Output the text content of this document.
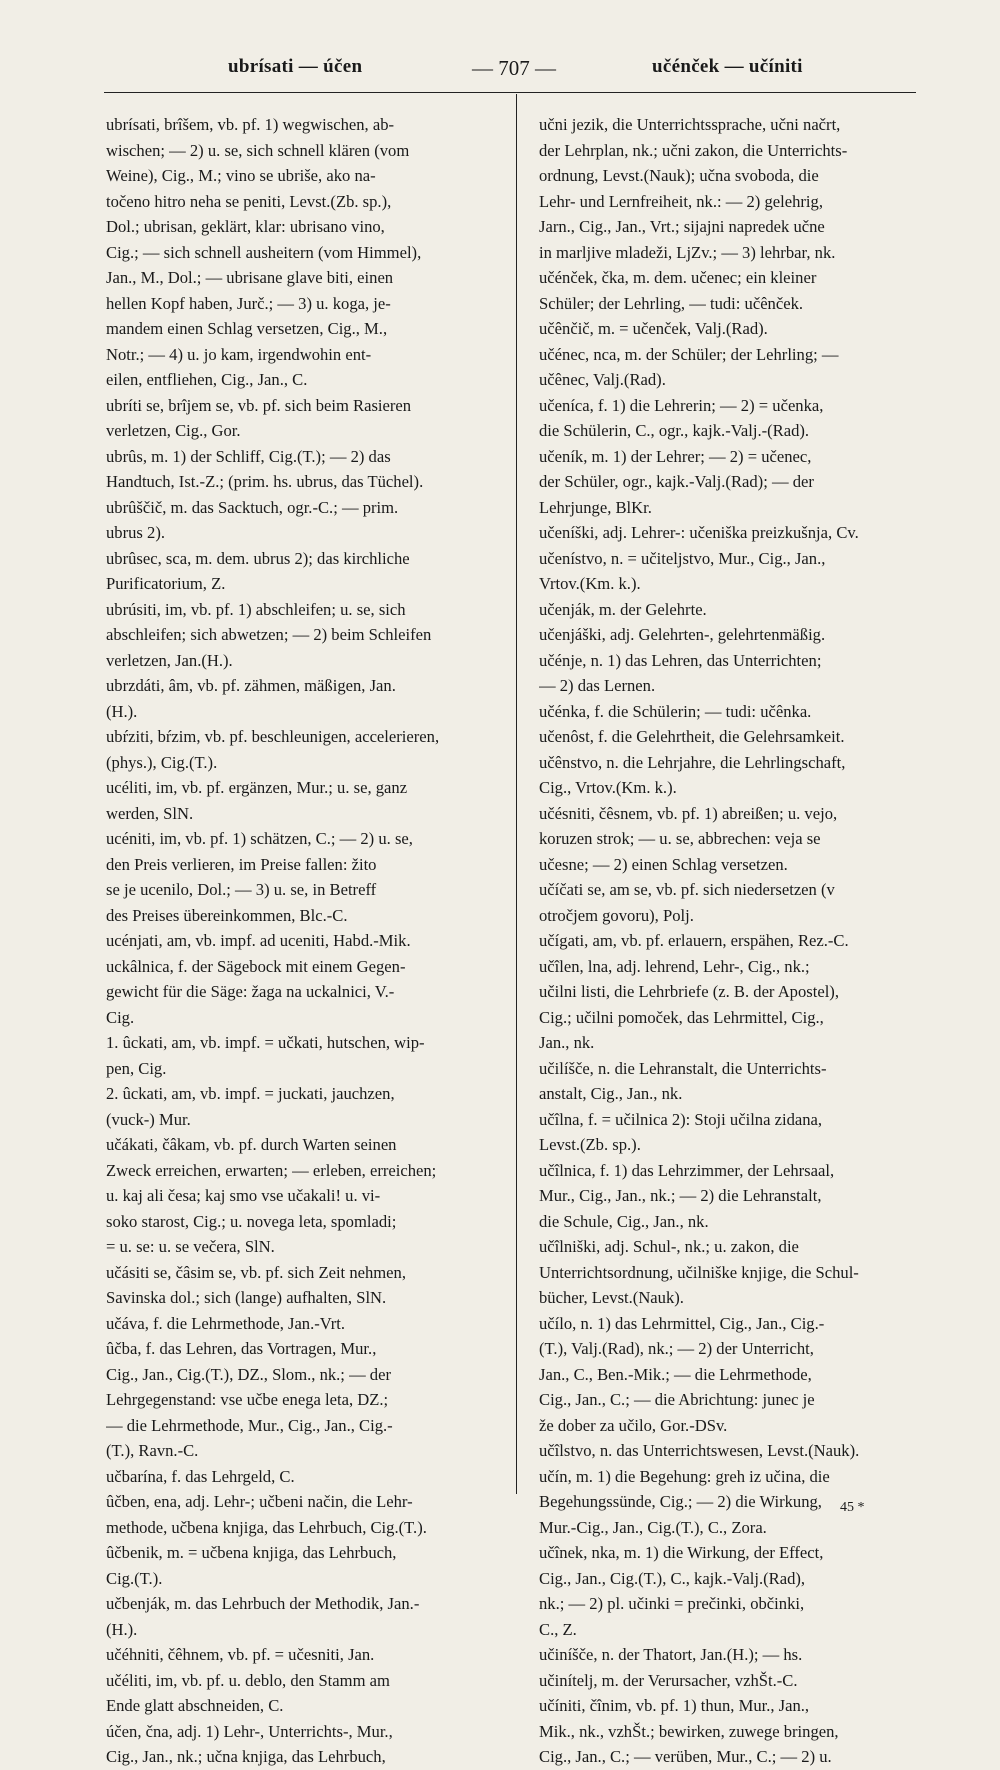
ubrísati — účen	— 707 —	učénček — učíniti
ubrísati, brîšem, vb. pf. 1) wegwischen, ab-
wischen; — 2) u. se, sich schnell klären (vom
Weine), Cig., M.; vino se ubriše, ako na-
točeno hitro neha se peniti, Levst.(Zb. sp.),
Dol.; ubrisan, geklärt, klar: ubrisano vino,
Cig.; — sich schnell ausheitern (vom Himmel),
Jan., M., Dol.; — ubrisane glave biti, einen
hellen Kopf haben, Jurč.; — 3) u. koga, je-
mandem einen Schlag versetzen, Cig., M.,
Notr.; — 4) u. jo kam, irgendwohin ent-
eilen, entfliehen, Cig., Jan., C.
ubríti se, brîjem se, vb. pf. sich beim Rasieren
verletzen, Cig., Gor.
ubrûs, m. 1) der Schliff, Cig.(T.); — 2) das
Handtuch, Ist.-Z.; (prim. hs. ubrus, das Tüchel).
ubrûščič, m. das Sacktuch, ogr.-C.; — prim.
ubrus 2).
ubrûsec, sca, m. dem. ubrus 2); das kirchliche
Purificatorium, Z.
ubrúsiti, im, vb. pf. 1) abschleifen; u. se, sich
abschleifen; sich abwetzen; — 2) beim Schleifen
verletzen, Jan.(H.).
ubrzdáti, âm, vb. pf. zähmen, mäßigen, Jan.
(H.).
ubŕziti, bŕzim, vb. pf. beschleunigen, accelerieren,
(phys.), Cig.(T.).
ucéliti, im, vb. pf. ergänzen, Mur.; u. se, ganz
werden, SlN.
ucéniti, im, vb. pf. 1) schätzen, C.; — 2) u. se,
den Preis verlieren, im Preise fallen: žito
se je ucenilo, Dol.; — 3) u. se, in Betreff
des Preises übereinkommen, Blc.-C.
ucénjati, am, vb. impf. ad uceniti, Habd.-Mik.
uckâlnica, f. der Sägebock mit einem Gegen-
gewicht für die Säge: žaga na uckalnici, V.-
Cig.
1. ûckati, am, vb. impf. = učkati, hutschen, wip-
pen, Cig.
2. ûckati, am, vb. impf. = juckati, jauchzen,
(vuck-) Mur.
učákati, čâkam, vb. pf. durch Warten seinen
Zweck erreichen, erwarten; — erleben, erreichen;
u. kaj ali česa; kaj smo vse učakali! u. vi-
soko starost, Cig.; u. novega leta, spomladi;
= u. se: u. se večera, SlN.
učásiti se, čâsim se, vb. pf. sich Zeit nehmen,
Savinska dol.; sich (lange) aufhalten, SlN.
učáva, f. die Lehrmethode, Jan.-Vrt.
ûčba, f. das Lehren, das Vortragen, Mur.,
Cig., Jan., Cig.(T.), DZ., Slom., nk.; — der
Lehrgegenstand: vse učbe enega leta, DZ.;
— die Lehrmethode, Mur., Cig., Jan., Cig.-
(T.), Ravn.-C.
učbarína, f. das Lehrgeld, C.
ûčben, ena, adj. Lehr-; učbeni način, die Lehr-
methode, učbena knjiga, das Lehrbuch, Cig.(T.).
ûčbenik, m. = učbena knjiga, das Lehrbuch,
Cig.(T.).
učbenják, m. das Lehrbuch der Methodik, Jan.-
(H.).
učéhniti, čêhnem, vb. pf. = učesniti, Jan.
učéliti, im, vb. pf. u. deblo, den Stamm am
Ende glatt abschneiden, C.
účen, čna, adj. 1) Lehr-, Unterrichts-, Mur.,
Cig., Jan., nk.; učna knjiga, das Lehrbuch,
učni jezik, die Unterrichtssprache, učni načrt,
der Lehrplan, nk.; učni zakon, die Unterrichts-
ordnung, Levst.(Nauk); učna svoboda, die
Lehr- und Lernfreiheit, nk.: — 2) gelehrig,
Jarn., Cig., Jan., Vrt.; sijajni napredek učne
in marljive mladeži, LjZv.; — 3) lehrbar, nk.
učénček, čka, m. dem. učenec; ein kleiner
Schüler; der Lehrling, — tudi: učênček.
učênčič, m. = učenček, Valj.(Rad).
učénec, nca, m. der Schüler; der Lehrling; —
učênec, Valj.(Rad).
učeníca, f. 1) die Lehrerin; — 2) = učenka,
die Schülerin, C., ogr., kajk.-Valj.-(Rad).
učeník, m. 1) der Lehrer; — 2) = učenec,
der Schüler, ogr., kajk.-Valj.(Rad); — der
Lehrjunge, BlKr.
učeníški, adj. Lehrer-: učeniška preizkušnja, Cv.
učenístvo, n. = učiteljstvo, Mur., Cig., Jan.,
Vrtov.(Km. k.).
učenják, m. der Gelehrte.
učenjáški, adj. Gelehrten-, gelehrtenmäßig.
učénje, n. 1) das Lehren, das Unterrichten;
— 2) das Lernen.
učénka, f. die Schülerin; — tudi: učênka.
učenôst, f. die Gelehrtheit, die Gelehrsamkeit.
učênstvo, n. die Lehrjahre, die Lehrlingschaft,
Cig., Vrtov.(Km. k.).
učésniti, čêsnem, vb. pf. 1) abreißen; u. vejo,
koruzen strok; — u. se, abbrechen: veja se
učesne; — 2) einen Schlag versetzen.
učíčati se, am se, vb. pf. sich niedersetzen (v
otročjem govoru), Polj.
učígati, am, vb. pf. erlauern, erspähen, Rez.-C.
učîlen, lna, adj. lehrend, Lehr-, Cig., nk.;
učilni listi, die Lehrbriefe (z. B. der Apostel),
Cig.; učilni pomoček, das Lehrmittel, Cig.,
Jan., nk.
učilíšče, n. die Lehranstalt, die Unterrichts-
anstalt, Cig., Jan., nk.
učîlna, f. = učilnica 2): Stoji učilna zidana,
Levst.(Zb. sp.).
učîlnica, f. 1) das Lehrzimmer, der Lehrsaal,
Mur., Cig., Jan., nk.; — 2) die Lehranstalt,
die Schule, Cig., Jan., nk.
učîlniški, adj. Schul-, nk.; u. zakon, die
Unterrichtsordnung, učilniške knjige, die Schul-
bücher, Levst.(Nauk).
učílo, n. 1) das Lehrmittel, Cig., Jan., Cig.-
(T.), Valj.(Rad), nk.; — 2) der Unterricht,
Jan., C., Ben.-Mik.; — die Lehrmethode,
Cig., Jan., C.; — die Abrichtung: junec je
že dober za učilo, Gor.-DSv.
učîlstvo, n. das Unterrichtswesen, Levst.(Nauk).
učín, m. 1) die Begehung: greh iz učina, die
Begehungssünde, Cig.; — 2) die Wirkung,
Mur.-Cig., Jan., Cig.(T.), C., Zora.
učînek, nka, m. 1) die Wirkung, der Effect,
Cig., Jan., Cig.(T.), C., kajk.-Valj.(Rad),
nk.; — 2) pl. učinki = prečinki, občinki,
C., Z.
učiníšče, n. der Thatort, Jan.(H.); — hs.
učinítelj, m. der Verursacher, vzhŠt.-C.
učíniti, čînim, vb. pf. 1) thun, Mur., Jan.,
Mik., nk., vzhŠt.; bewirken, zuwege bringen,
Cig., Jan., C.; — verüben, Mur., C.; — 2) u.
45 *
